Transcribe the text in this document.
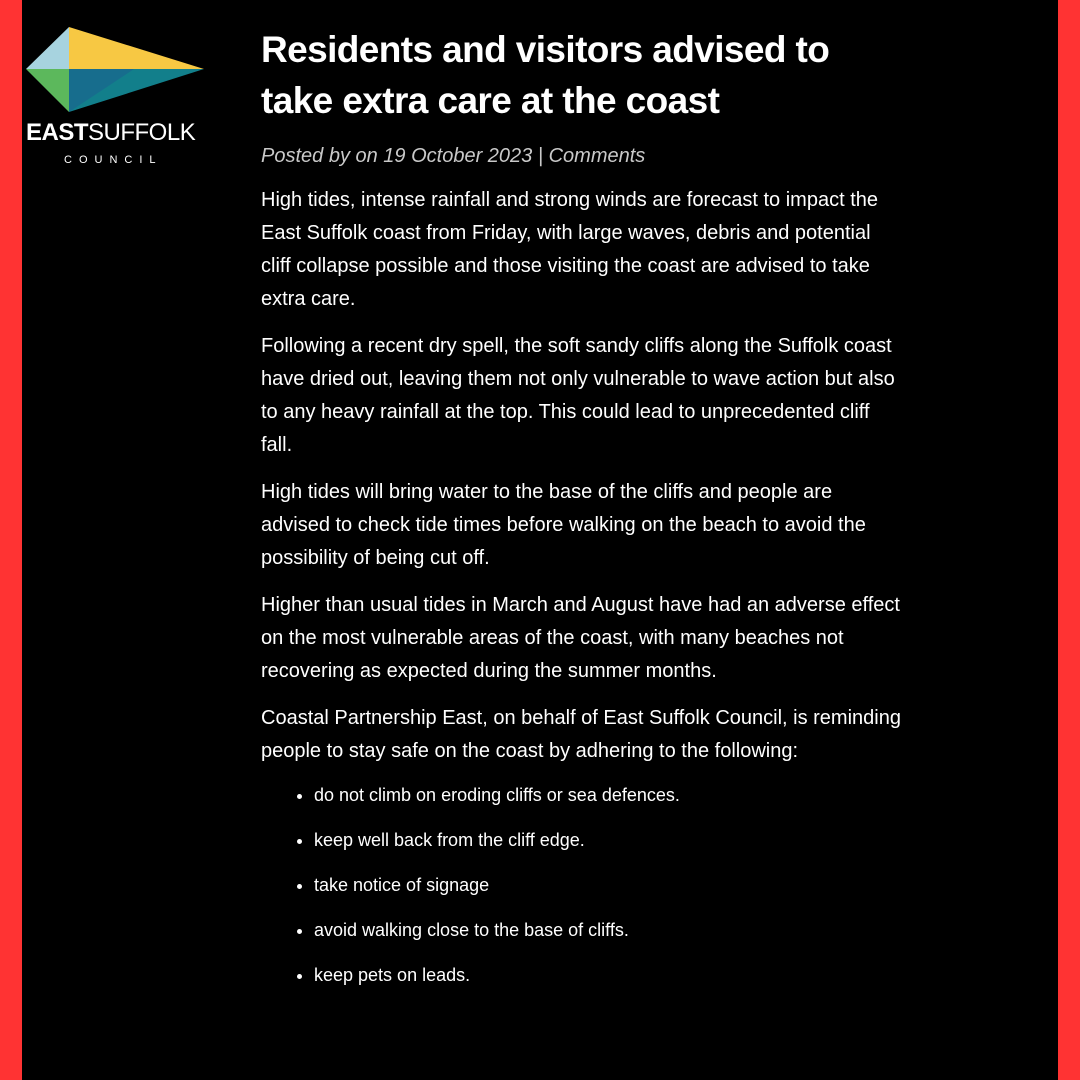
EASTSUFFOLK
COUNCIL
Residents and visitors advised to take extra care at the coast
Posted by on 19 October 2023 | Comments

High tides, intense rainfall and strong winds are forecast to impact the East Suffolk coast from Friday, with large waves, debris and potential cliff collapse possible and those visiting the coast are advised to take extra care.

Following a recent dry spell, the soft sandy cliffs along the Suffolk coast have dried out, leaving them not only vulnerable to wave action but also to any heavy rainfall at the top. This could lead to unprecedented cliff fall.

High tides will bring water to the base of the cliffs and people are advised to check tide times before walking on the beach to avoid the possibility of being cut off.

Higher than usual tides in March and August have had an adverse effect on the most vulnerable areas of the coast, with many beaches not recovering as expected during the summer months.

Coastal Partnership East, on behalf of East Suffolk Council, is reminding people to stay safe on the coast by adhering to the following:

• do not climb on eroding cliffs or sea defences.
• keep well back from the cliff edge.
• take notice of signage
• avoid walking close to the base of cliffs.
• keep pets on leads.
